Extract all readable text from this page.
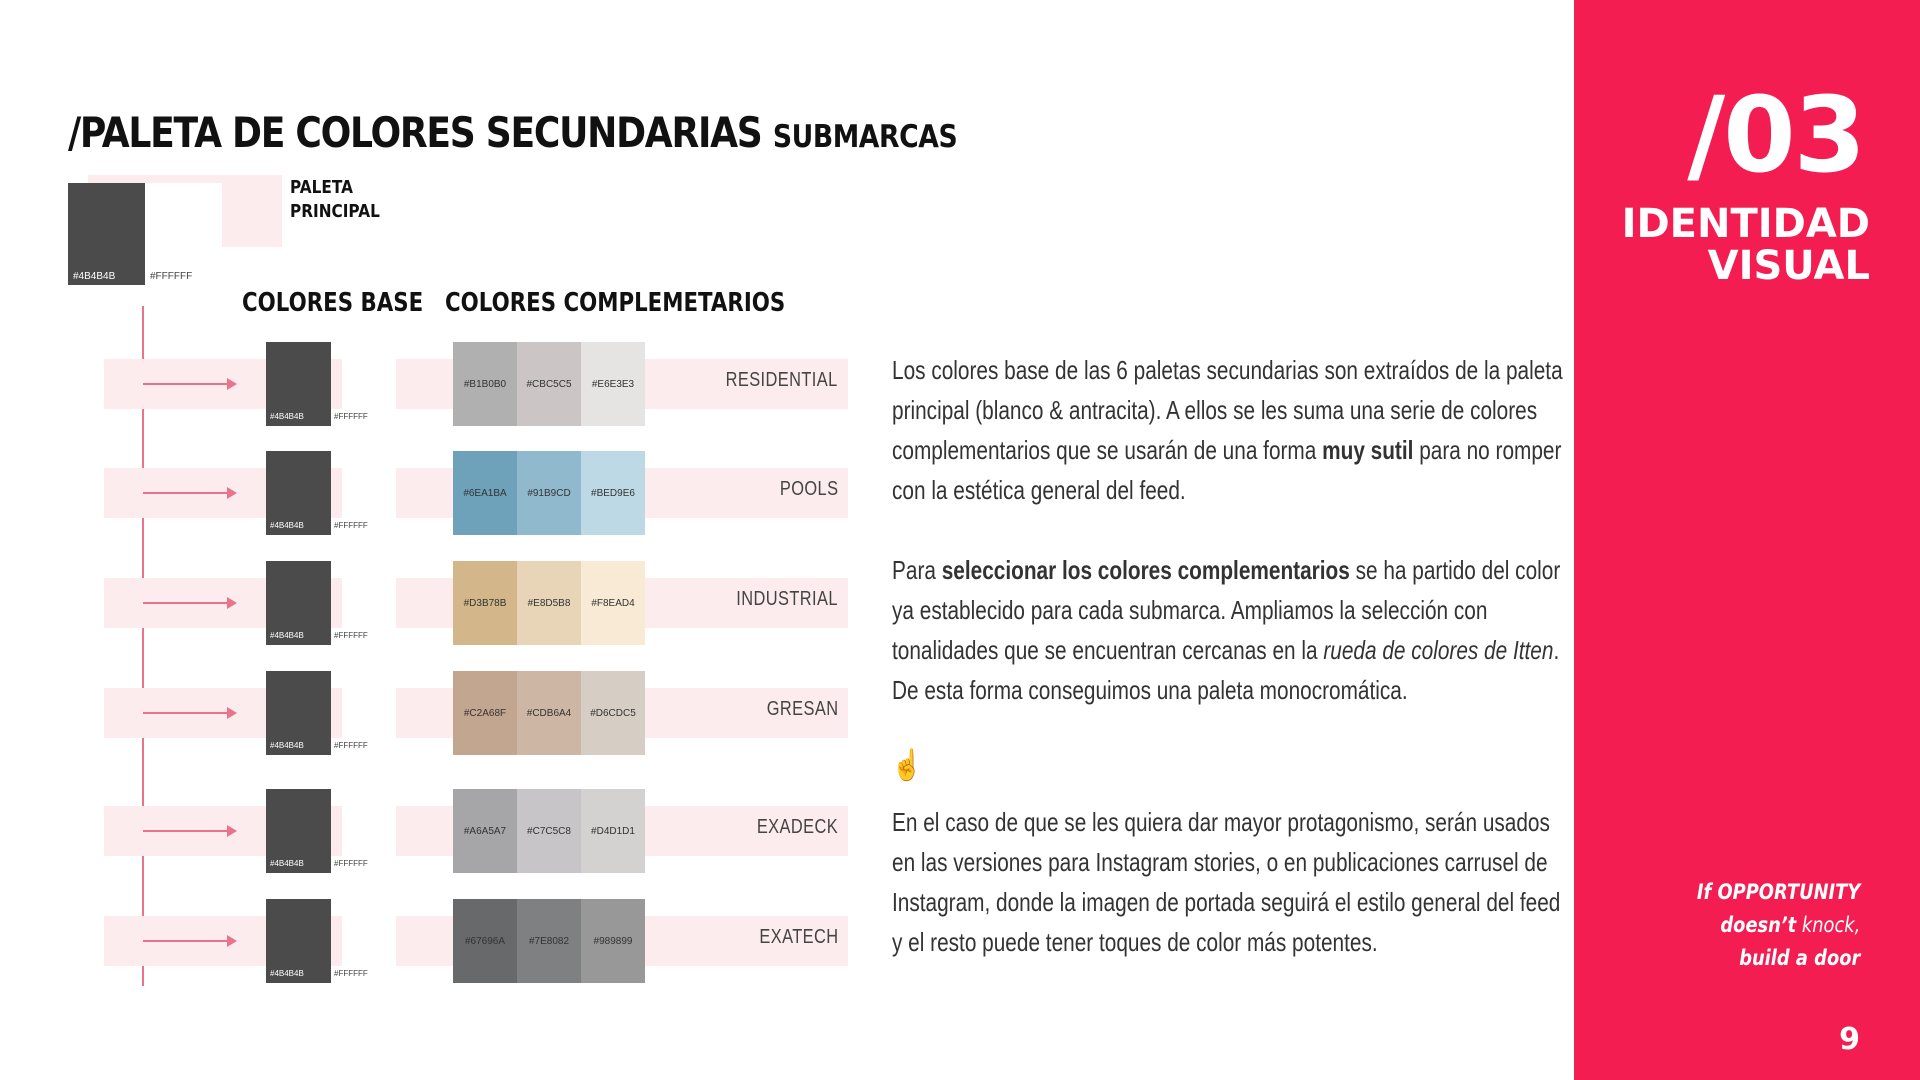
/PALETA DE COLORES SECUNDARIAS SUBMARCAS
#4B4B4B	#FFFFFF
PALETA
PRINCIPAL
COLORES BASE COLORES COMPLEMETARIOS
#4B4B4B	#FFFFFF
#B1B0B0 #CBC5C5 #E6E3E3	RESIDENTIAL
#4B4B4B	#FFFFFF
#6EA1BA #91B9CD #BED9E6	POOLS
#4B4B4B	#FFFFFF
#D3B78B #E8D5B8 #F8EAD4	INDUSTRIAL
#4B4B4B	#FFFFFF
#C2A68F #CDB6A4 #D6CDC5	GRESAN
#4B4B4B	#FFFFFF
#A6A5A7 #C7C5C8 #D4D1D1	EXADECK
#4B4B4B	#FFFFFF
#67696A #7E8082 #989899	EXATECH

Los colores base de las 6 paletas secundarias son extraídos de la paleta principal (blanco & antracita). A ellos se les suma una serie de colores complementarios que se usarán de una forma muy sutil para no romper con la estética general del feed.

Para seleccionar los colores complementarios se ha partido del color ya establecido para cada submarca. Ampliamos la selección con tonalidades que se encuentran cercanas en la rueda de colores de Itten. De esta forma conseguimos una paleta monocromática.

☝

En el caso de que se les quiera dar mayor protagonismo, serán usados en las versiones para Instagram stories, o en publicaciones carrusel de Instagram, donde la imagen de portada seguirá el estilo general del feed y el resto puede tener toques de color más potentes.

/03
IDENTIDAD
VISUAL
If OPPORTUNITY
doesn’t knock,
build a door
9
